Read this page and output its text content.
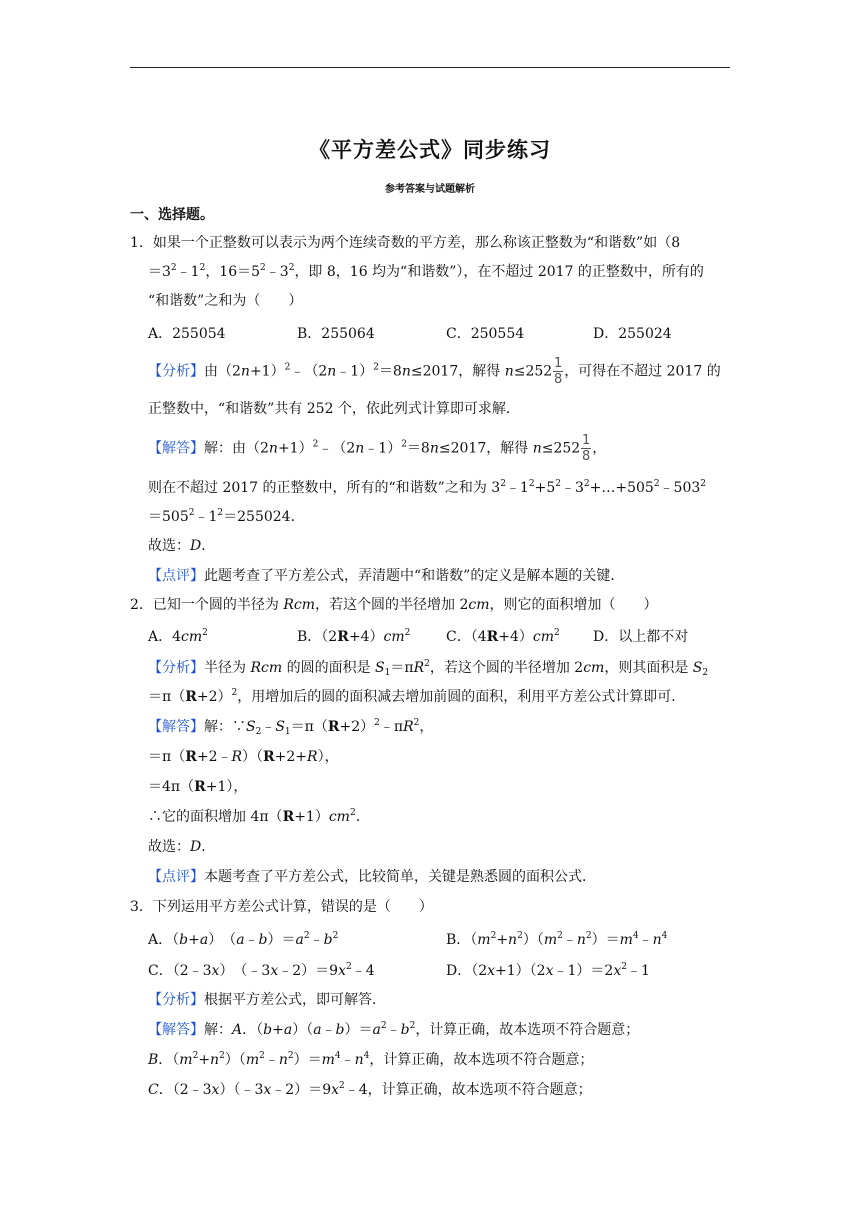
《平方差公式》同步练习
参考答案与试题解析
一、选择题。
1．如果一个正整数可以表示为两个连续奇数的平方差，那么称该正整数为“和谐数”如（8
$=3^2﹣1^2$，$16=5^2﹣3^2$，即 8，16 均为“和谐数”），在不超过 2017 的正整数中，所有的
“和谐数”之和为（　　）
A．255054	B．255064	C．250554	D．255024
【分析】由$(2n+1)^2﹣(2n﹣1)^2=8n\le 2017$，解得 $n\le 252 \frac{1}{8}$ ，可得在不超过 2017 的
正整数中，“和谐数”共有 252 个，依此列式计算即可求解．
【解答】解：由$(2n+1)^2﹣(2n﹣1)^2=8n\le 2017$，解得 $n\le 252 \frac{1}{8}$ ，
则在不超过 2017 的正整数中，所有的“和谐数”之和为 $3^2﹣1^2+5^2﹣3^2+\dots+505^2﹣503^2$
$=505^2﹣1^2=255024$．
故选：D．
【点评】此题考查了平方差公式，弄清题中“和谐数”的定义是解本题的关键．
2．已知一个圆的半径为 Rcm，若这个圆的半径增加 2cm，则它的面积增加（　　）
A．$4cm^2$	B．$(2R+4)cm^2$	C．$(4R+4)cm^2$ D．以上都不对
【分析】半径为 Rcm 的圆的面积是 $S_1=\pi R^2$，若这个圆的半径增加 2cm，则其面积是 $S_2$
$=\pi(R+2)^2$，用增加后的圆的面积减去增加前圆的面积，利用平方差公式计算即可．
【解答】解：$\because S_2﹣S_1=\pi(R+2)^2﹣\pi R^2$，
＝π（R+2﹣R）（R+2+R），
＝4π（R+1），
∴它的面积增加 $4\pi(R+1)cm^2$．
故选：D．
【点评】本题考查了平方差公式，比较简单，关键是熟悉圆的面积公式．
3．下列运用平方差公式计算，错误的是（　　）
A．（b+a）　$(a﹣b)=a^2﹣b^2$	B．$(m^2+n^2)(m^2﹣n^2)=m^4﹣n^4$
C．（2﹣3x）　$(﹣3x﹣2)=9x^2﹣4$	D．$(2x+1)(2x﹣1)=2x^2﹣1$
【分析】根据平方差公式，即可解答．
【解答】解：A．$(b+a)(a﹣b)=a^2﹣b^2$，计算正确，故本选项不符合题意；
B．$(m^2+n^2)(m^2﹣n^2)=m^4﹣n^4$，计算正确，故本选项不符合题意；
C．$(2﹣3x)(﹣3x﹣2)=9x^2﹣4$，计算正确，故本选项不符合题意；
